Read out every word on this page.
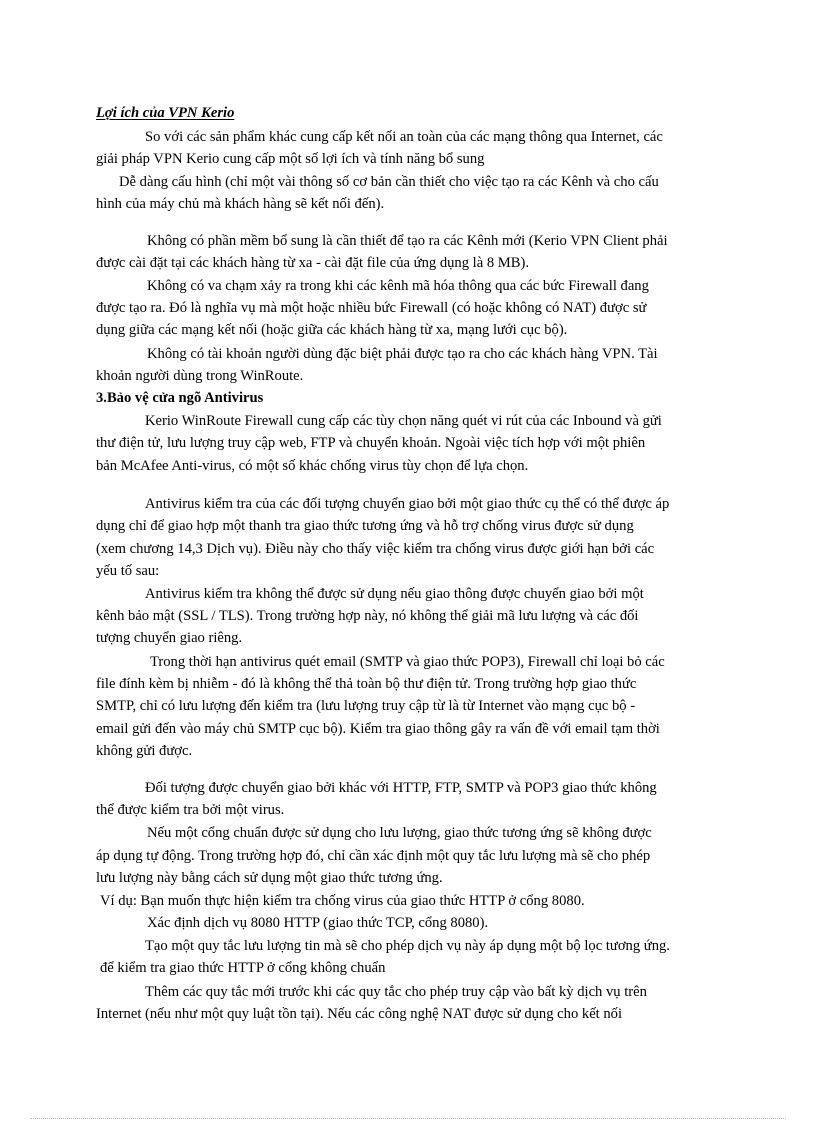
Lợi ích của VPN Kerio
So với các sản phẩm khác cung cấp kết nối an toàn của các mạng thông qua Internet, các
giải pháp VPN Kerio cung cấp một số lợi ích và tính năng bổ sung
Dễ dàng cấu hình (chỉ một vài thông số cơ bản cần thiết cho việc tạo ra các Kênh và cho cấu
hình của máy chủ mà khách hàng sẽ kết nối đến).
Không có phần mềm bổ sung là cần thiết để tạo ra các Kênh mới (Kerio VPN Client phải
được cài đặt tại các khách hàng từ xa - cài đặt file của ứng dụng là 8 MB).
Không có va chạm xảy ra trong khi các kênh mã hóa thông qua các bức Firewall đang
được tạo ra. Đó là nghĩa vụ mà một hoặc nhiều bức Firewall (có hoặc không có NAT) được sử
dụng giữa các mạng kết nối (hoặc giữa các khách hàng từ xa, mạng lưới cục bộ).
Không có tài khoản người dùng đặc biệt phải được tạo ra cho các khách hàng VPN. Tài
khoản người dùng trong WinRoute.
3.Bảo vệ cửa ngõ Antivirus
Kerio WinRoute Firewall cung cấp các tùy chọn năng quét vi rút của các Inbound và gửi
thư điện tử, lưu lượng truy cập web, FTP và chuyển khoản. Ngoài việc tích hợp với một phiên
bản McAfee Anti-virus, có một số khác chống virus tùy chọn để lựa chọn.
Antivirus kiểm tra của các đối tượng chuyển giao bởi một giao thức cụ thể có thể được áp
dụng chỉ để giao hợp một thanh tra giao thức tương ứng và hỗ trợ chống virus được sử dụng
(xem chương 14,3 Dịch vụ). Điều này cho thấy việc kiểm tra chống virus được giới hạn bởi các
yếu tố sau:
Antivirus kiểm tra không thể được sử dụng nếu giao thông được chuyển giao bởi một
kênh bảo mật (SSL / TLS). Trong trường hợp này, nó không thể giải mã lưu lượng và các đối
tượng chuyển giao riêng.
Trong thời hạn antivirus quét email (SMTP và giao thức POP3), Firewall chỉ loại bỏ các
file đính kèm bị nhiễm - đó là không thể thả toàn bộ thư điện tử. Trong trường hợp giao thức
SMTP, chỉ có lưu lượng đến kiểm tra (lưu lượng truy cập từ là từ Internet vào mạng cục bộ -
email gửi đến vào máy chủ SMTP cục bộ). Kiểm tra giao thông gây ra vấn đề với email tạm thời
không gửi được.
Đối tượng được chuyển giao bởi khác với HTTP, FTP, SMTP và POP3 giao thức không
thể được kiểm tra bởi một virus.
Nếu một cổng chuẩn được sử dụng cho lưu lượng, giao thức tương ứng sẽ không được
áp dụng tự động. Trong trường hợp đó, chỉ cần xác định một quy tắc lưu lượng mà sẽ cho phép
lưu lượng này bằng cách sử dụng một giao thức tương ứng.
Ví dụ: Bạn muốn thực hiện kiểm tra chống virus của giao thức HTTP ở cổng 8080.
Xác định dịch vụ 8080 HTTP (giao thức TCP, cổng 8080).
Tạo một quy tắc lưu lượng tin mà sẽ cho phép dịch vụ này áp dụng một bộ lọc tương ứng.
để kiểm tra giao thức HTTP ở cổng không chuẩn
Thêm các quy tắc mới trước khi các quy tắc cho phép truy cập vào bất kỳ dịch vụ trên
Internet (nếu như một quy luật tồn tại). Nếu các công nghệ NAT được sử dụng cho kết nối
